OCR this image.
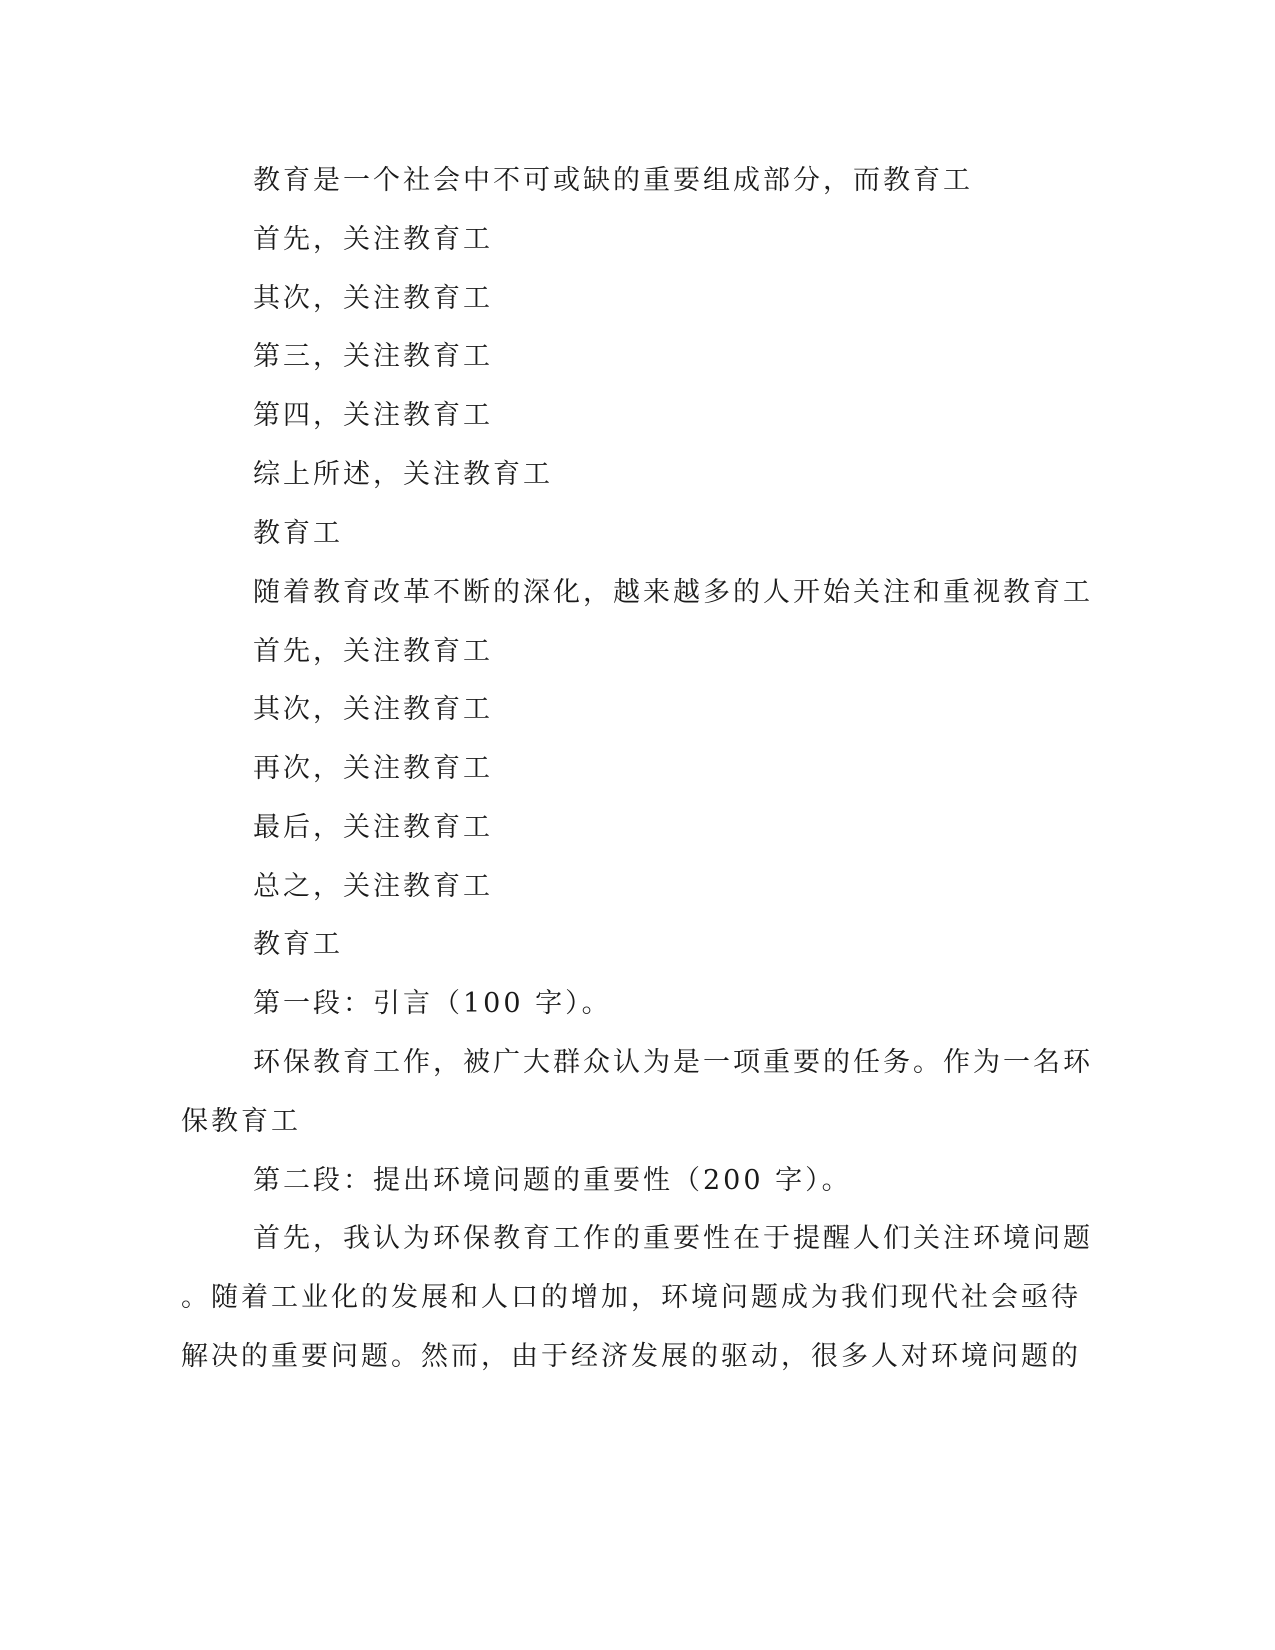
教育是一个社会中不可或缺的重要组成部分，而教育工

首先，关注教育工

其次，关注教育工

第三，关注教育工

第四，关注教育工

综上所述，关注教育工

教育工

随着教育改革不断的深化，越来越多的人开始关注和重视教育工

首先，关注教育工

其次，关注教育工

再次，关注教育工

最后，关注教育工

总之，关注教育工

教育工

第一段：引言（100 字）。

环保教育工作，被广大群众认为是一项重要的任务。作为一名环

保教育工

第二段：提出环境问题的重要性（200 字）。

首先，我认为环保教育工作的重要性在于提醒人们关注环境问题

。随着工业化的发展和人口的增加，环境问题成为我们现代社会亟待

解决的重要问题。然而，由于经济发展的驱动，很多人对环境问题的
